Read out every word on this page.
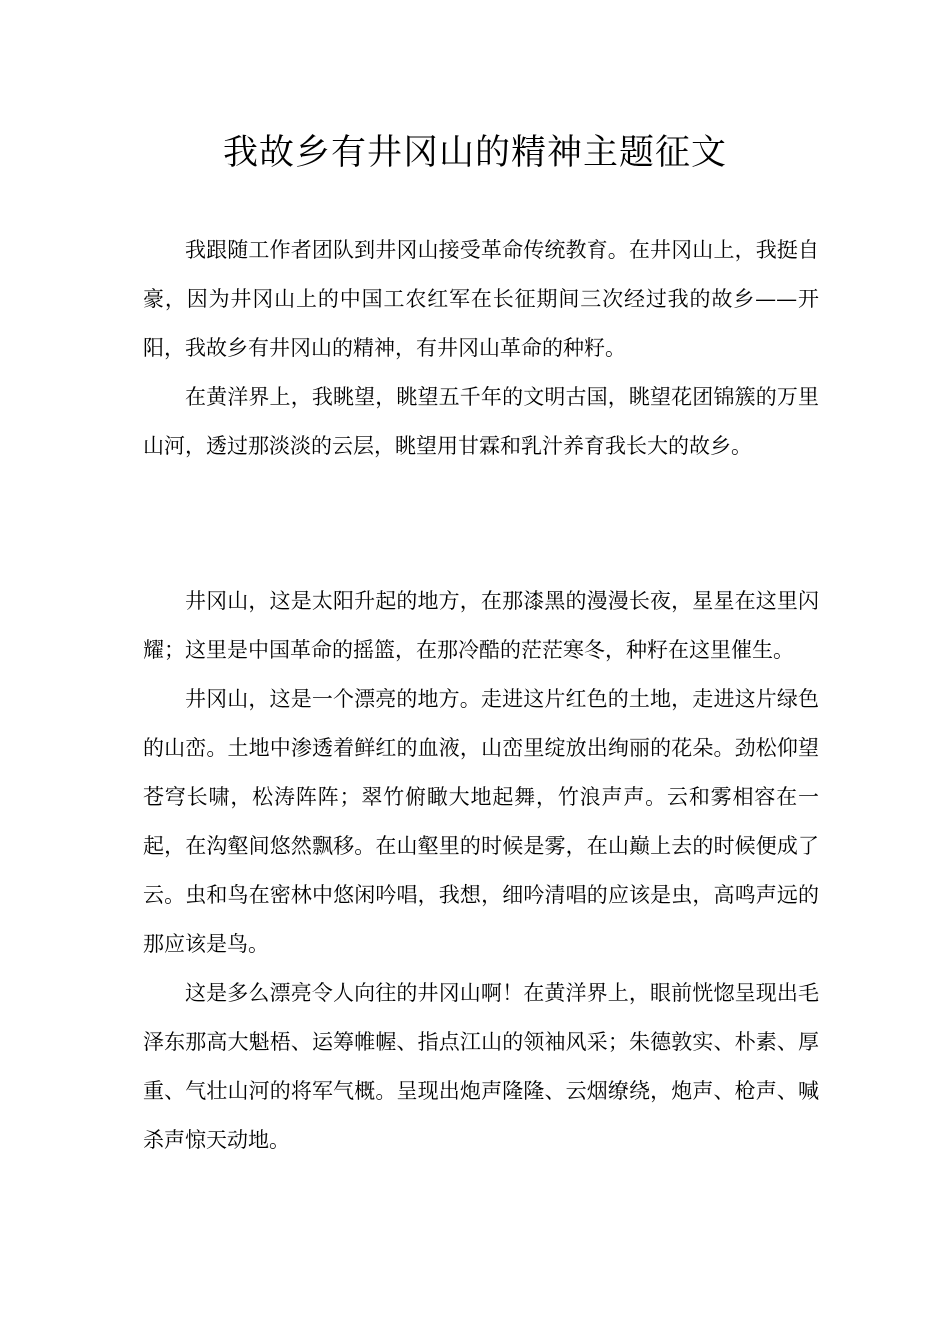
我故乡有井冈山的精神主题征文

我跟随工作者团队到井冈山接受革命传统教育。在井冈山上，我挺自豪，因为井冈山上的中国工农红军在长征期间三次经过我的故乡——开阳，我故乡有井冈山的精神，有井冈山革命的种籽。

在黄洋界上，我眺望，眺望五千年的文明古国，眺望花团锦簇的万里山河，透过那淡淡的云层，眺望用甘霖和乳汁养育我长大的故乡。

井冈山，这是太阳升起的地方，在那漆黑的漫漫长夜，星星在这里闪耀；这里是中国革命的摇篮，在那冷酷的茫茫寒冬，种籽在这里催生。

井冈山，这是一个漂亮的地方。走进这片红色的土地，走进这片绿色的山峦。土地中渗透着鲜红的血液，山峦里绽放出绚丽的花朵。劲松仰望苍穹长啸，松涛阵阵；翠竹俯瞰大地起舞，竹浪声声。云和雾相容在一起，在沟壑间悠然飘移。在山壑里的时候是雾，在山巅上去的时候便成了云。虫和鸟在密林中悠闲吟唱，我想，细吟清唱的应该是虫，高鸣声远的那应该是鸟。

这是多么漂亮令人向往的井冈山啊！在黄洋界上，眼前恍惚呈现出毛泽东那高大魁梧、运筹帷幄、指点江山的领袖风采；朱德敦实、朴素、厚重、气壮山河的将军气概。呈现出炮声隆隆、云烟缭绕，炮声、枪声、喊杀声惊天动地。
